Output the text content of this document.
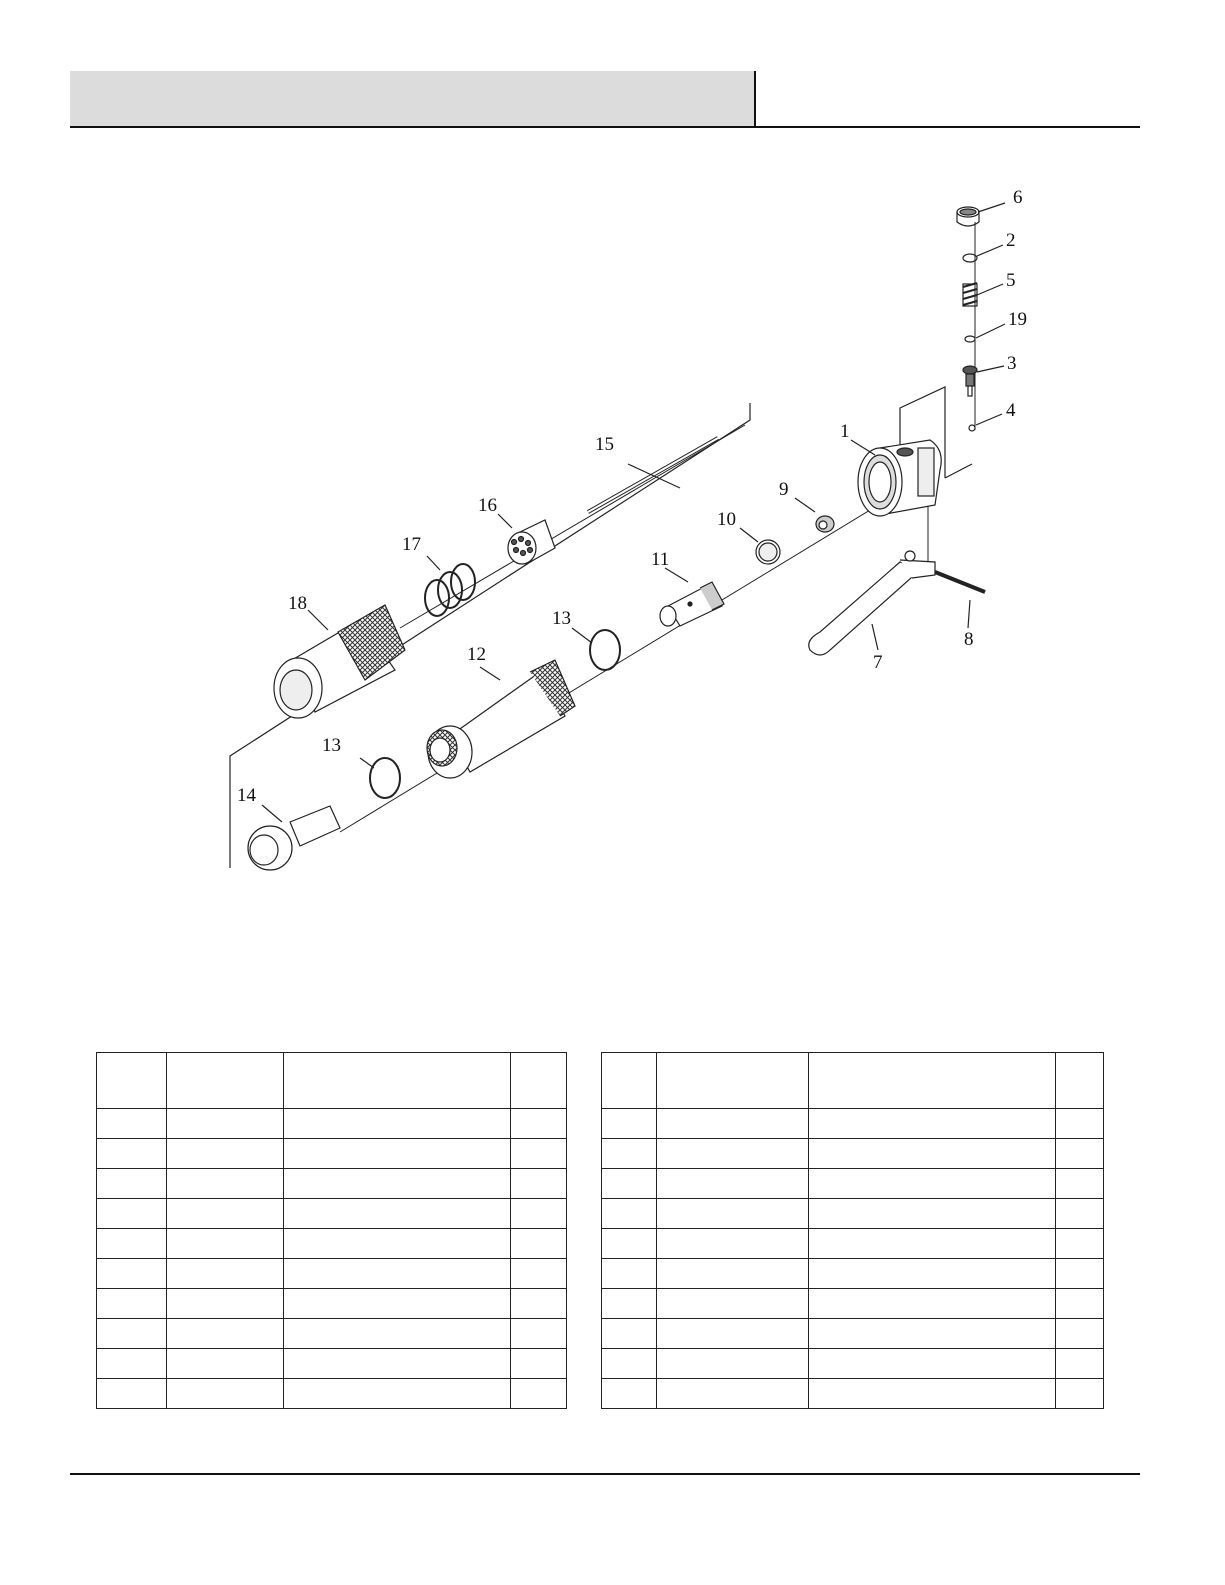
6
2
5
19
3
4
1
9
10
11
13
12
13
14
15
16
17
18
7
8
